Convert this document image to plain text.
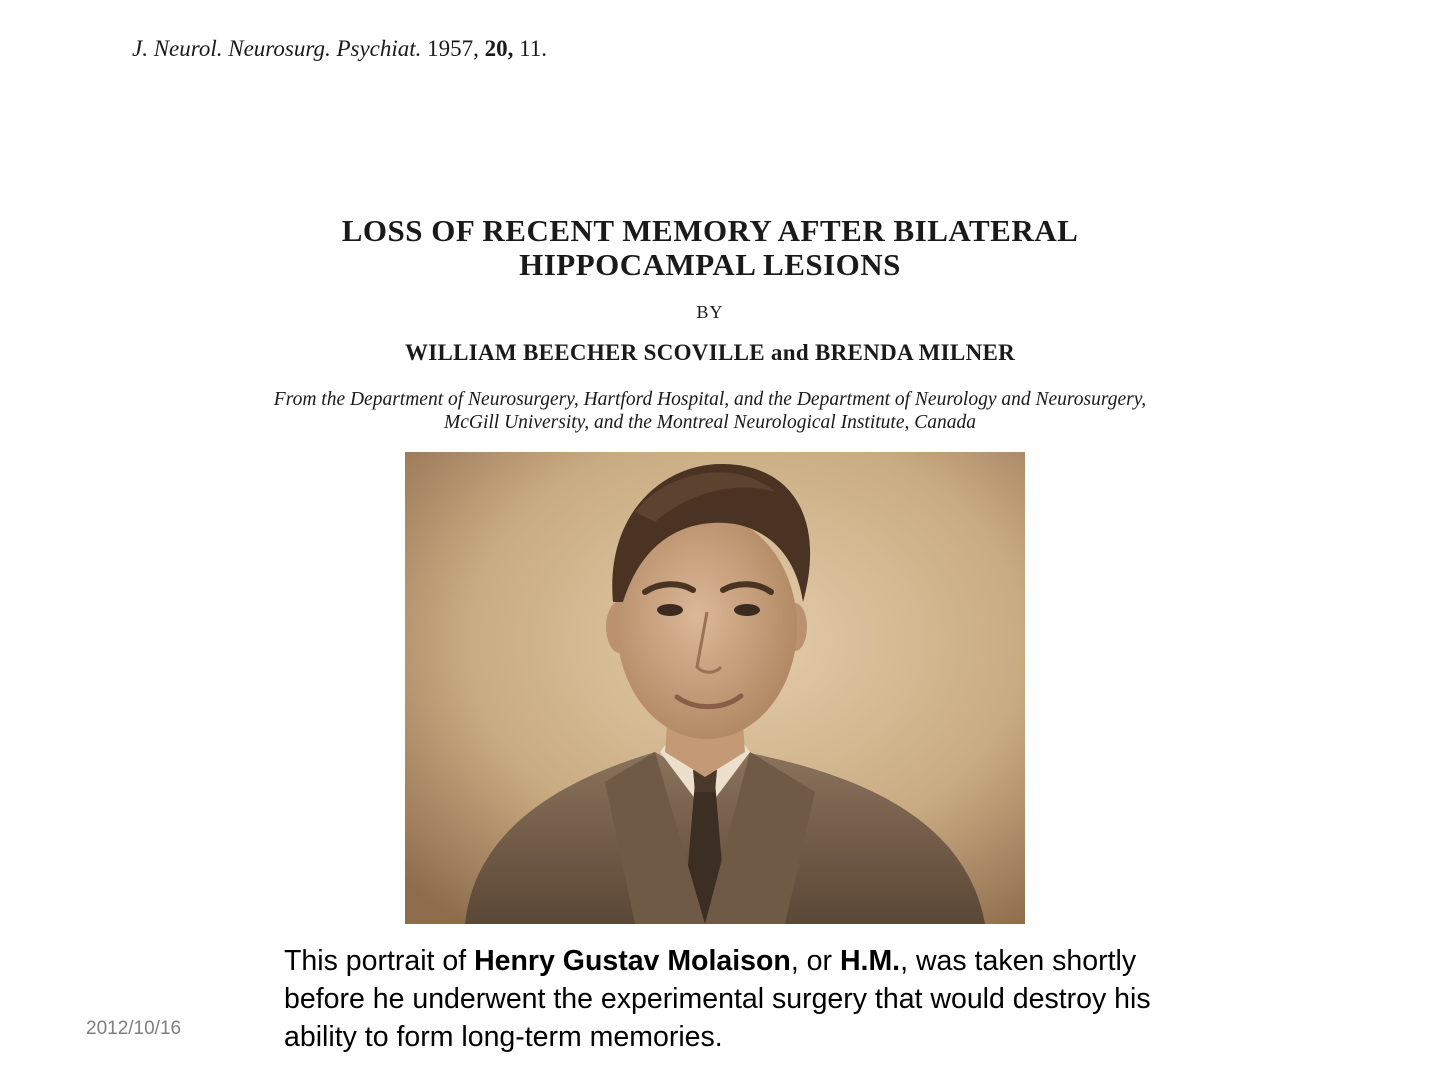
J. Neurol. Neurosurg. Psychiat. 1957, 20, 11.
LOSS OF RECENT MEMORY AFTER BILATERAL
HIPPOCAMPAL LESIONS
BY
WILLIAM BEECHER SCOVILLE and BRENDA MILNER
From the Department of Neurosurgery, Hartford Hospital, and the Department of Neurology and Neurosurgery,
McGill University, and the Montreal Neurological Institute, Canada
This portrait of Henry Gustav Molaison, or H.M., was taken shortly before he underwent the experimental surgery that would destroy his ability to form long-term memories.
2012/10/16
